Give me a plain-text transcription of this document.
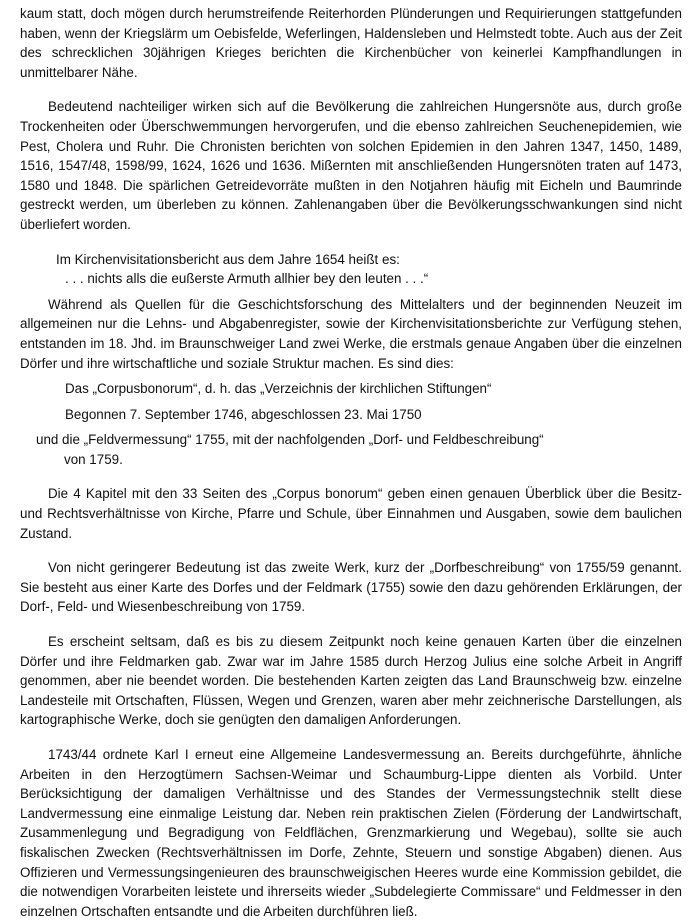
kaum statt, doch mögen durch herumstreifende Reiterhorden Plünderungen und Requirierungen stattgefunden haben, wenn der Kriegslärm um Oebisfelde, Weferlingen, Haldensleben und Helmstedt tobte. Auch aus der Zeit des schrecklichen 30jährigen Krieges berichten die Kirchenbücher von keinerlei Kampfhandlungen in unmittelbarer Nähe.

Bedeutend nachteiliger wirken sich auf die Bevölkerung die zahlreichen Hungersnöte aus, durch große Trockenheiten oder Überschwemmungen hervorgerufen, und die ebenso zahlreichen Seuchenepidemien, wie Pest, Cholera und Ruhr. Die Chronisten berichten von solchen Epidemien in den Jahren 1347, 1450, 1489, 1516, 1547/48, 1598/99, 1624, 1626 und 1636. Mißernten mit anschließenden Hungersnöten traten auf 1473, 1580 und 1848. Die spärlichen Getreidevorräte mußten in den Notjahren häufig mit Eicheln und Baumrinde gestreckt werden, um überleben zu können. Zahlenangaben über die Bevölkerungsschwankungen sind nicht überliefert worden.

Im Kirchenvisitationsbericht aus dem Jahre 1654 heißt es:

. . . nichts alls die eußerste Armuth allhier bey den leuten . . .“

Während als Quellen für die Geschichtsforschung des Mittelalters und der beginnenden Neuzeit im allgemeinen nur die Lehns- und Abgabenregister, sowie der Kirchenvisitationsberichte zur Verfügung stehen, entstanden im 18. Jhd. im Braunschweiger Land zwei Werke, die erstmals genaue Angaben über die einzelnen Dörfer und ihre wirtschaftliche und soziale Struktur machen. Es sind dies:

Das „Corpusbonorum“, d. h. das „Verzeichnis der kirchlichen Stiftungen“

Begonnen 7. September 1746, abgeschlossen 23. Mai 1750

und die „Feldvermessung“ 1755, mit der nachfolgenden „Dorf- und Feldbeschreibung“

von 1759.

Die 4 Kapitel mit den 33 Seiten des „Corpus bonorum“ geben einen genauen Überblick über die Besitz- und Rechtsverhältnisse von Kirche, Pfarre und Schule, über Einnahmen und Ausgaben, sowie dem baulichen Zustand.

Von nicht geringerer Bedeutung ist das zweite Werk, kurz der „Dorfbeschreibung“ von 1755/59 genannt. Sie besteht aus einer Karte des Dorfes und der Feldmark (1755) sowie den dazu gehörenden Erklärungen, der Dorf-, Feld- und Wiesenbeschreibung von 1759.

Es erscheint seltsam, daß es bis zu diesem Zeitpunkt noch keine genauen Karten über die einzelnen Dörfer und ihre Feldmarken gab. Zwar war im Jahre 1585 durch Herzog Julius eine solche Arbeit in Angriff genommen, aber nie beendet worden. Die bestehenden Karten zeigten das Land Braunschweig bzw. einzelne Landesteile mit Ortschaften, Flüssen, Wegen und Grenzen, waren aber mehr zeichnerische Darstellungen, als kartographische Werke, doch sie genügten den damaligen Anforderungen.

1743/44 ordnete Karl I erneut eine Allgemeine Landesvermessung an. Bereits durchgeführte, ähnliche Arbeiten in den Herzogtümern Sachsen-Weimar und Schaumburg-Lippe dienten als Vorbild. Unter Berücksichtigung der damaligen Verhältnisse und des Standes der Vermessungstechnik stellt diese Landvermessung eine einmalige Leistung dar. Neben rein praktischen Zielen (Förderung der Landwirtschaft, Zusammenlegung und Begradigung von Feldflächen, Grenzmarkierung und Wegebau), sollte sie auch fiskalischen Zwecken (Rechtsverhältnissen im Dorfe, Zehnte, Steuern und sonstige Abgaben) dienen. Aus Offizieren und Vermessungsingenieuren des braunschweigischen Heeres wurde eine Kommission gebildet, die die notwendigen Vorarbeiten leistete und ihrerseits wieder „Subdelegierte Commissare“ und Feldmesser in den einzelnen Ortschaften entsandte und die Arbeiten durchführen ließ.
